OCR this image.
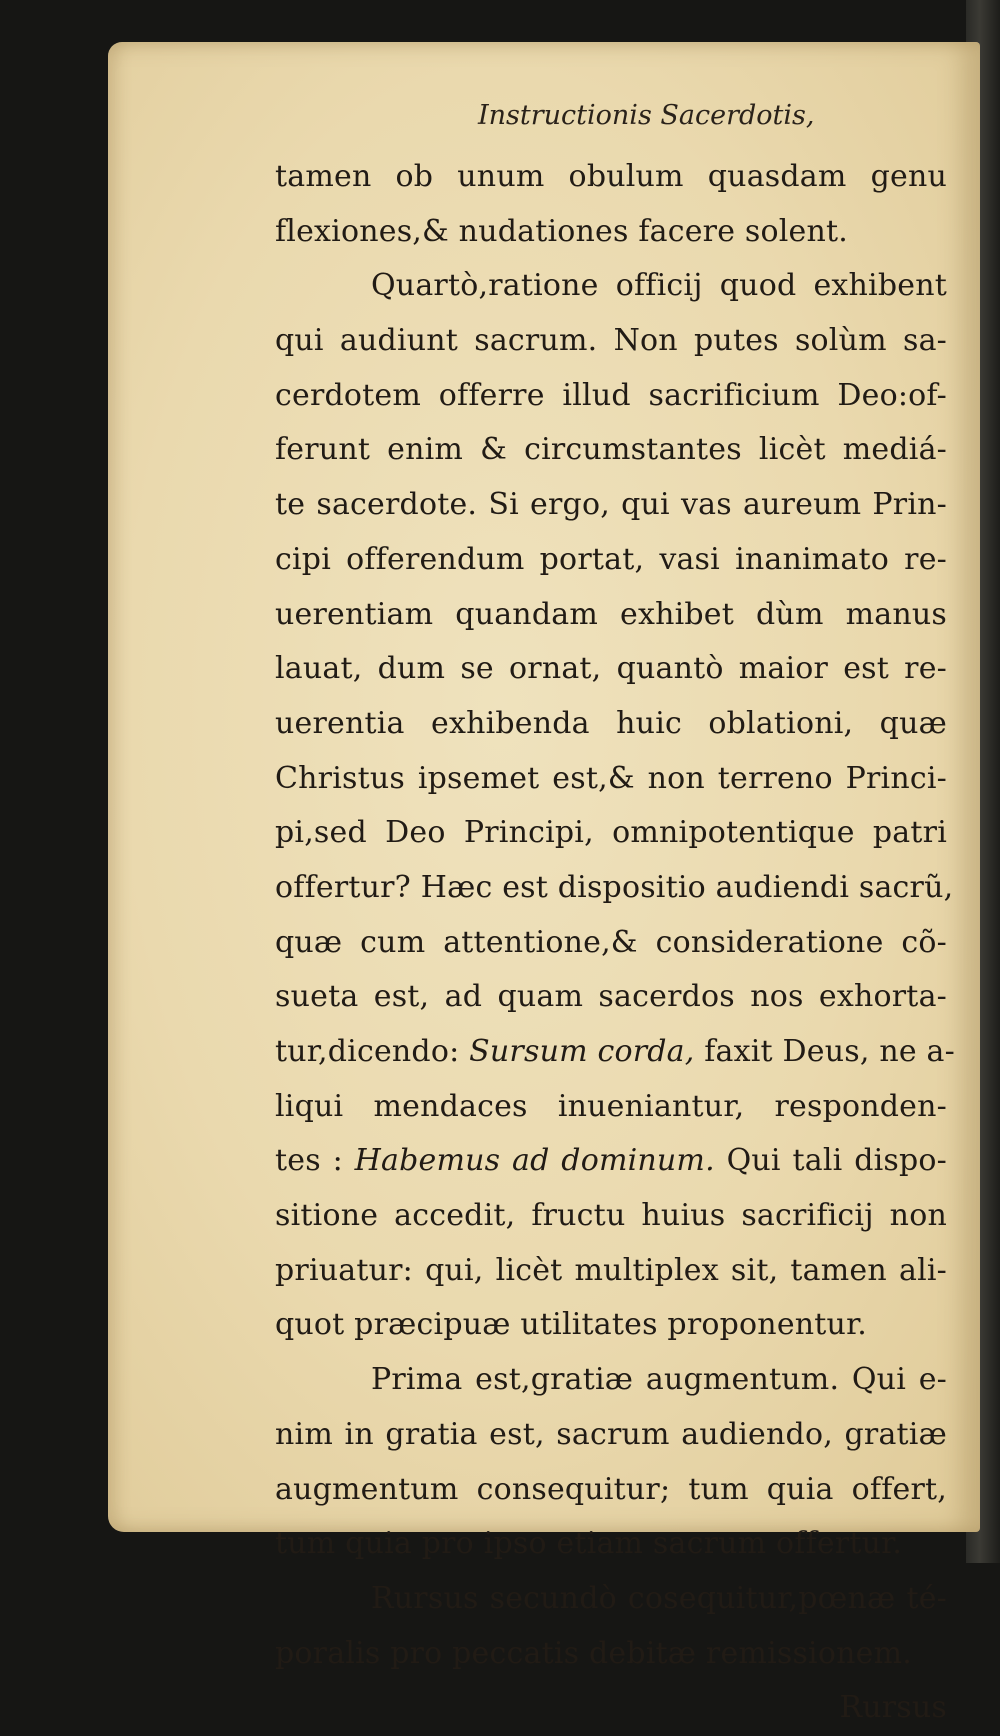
Instructionis Sacerdotis,
tamen ob unum obulum quasdam genu
flexiones,& nudationes facere solent.
Quartò,ratione officij quod exhibent
qui audiunt sacrum. Non putes solùm sa-
cerdotem offerre illud sacrificium Deo:of-
ferunt enim & circumstantes licèt mediá-
te sacerdote. Si ergo, qui vas aureum Prin-
cipi offerendum portat, vasi inanimato re-
uerentiam quandam exhibet dùm manus
lauat, dum se ornat, quantò maior est re-
uerentia exhibenda huic oblationi, quæ
Christus ipsemet est,& non terreno Princi-
pi,sed Deo Principi, omnipotentique patri
offertur? Hæc est dispositio audiendi sacrũ,
quæ cum attentione,& consideratione cõ-
sueta est, ad quam sacerdos nos exhorta-
tur,dicendo: Sursum corda, faxit Deus, ne a-
liqui mendaces inueniantur, responden-
tes : Habemus ad dominum. Qui tali dispo-
sitione accedit, fructu huius sacrificij non
priuatur: qui, licèt multiplex sit, tamen ali-
quot præcipuæ utilitates proponentur.
Prima est,gratiæ augmentum. Qui e-
nim in gratia est, sacrum audiendo, gratiæ
augmentum consequitur; tum quia offert,
tum quia pro ipso etiam sacrum offertur.
Rursus secundò cosequitur,pœnæ té-
poralis pro peccatis debitæ remissionem.
Rursus
